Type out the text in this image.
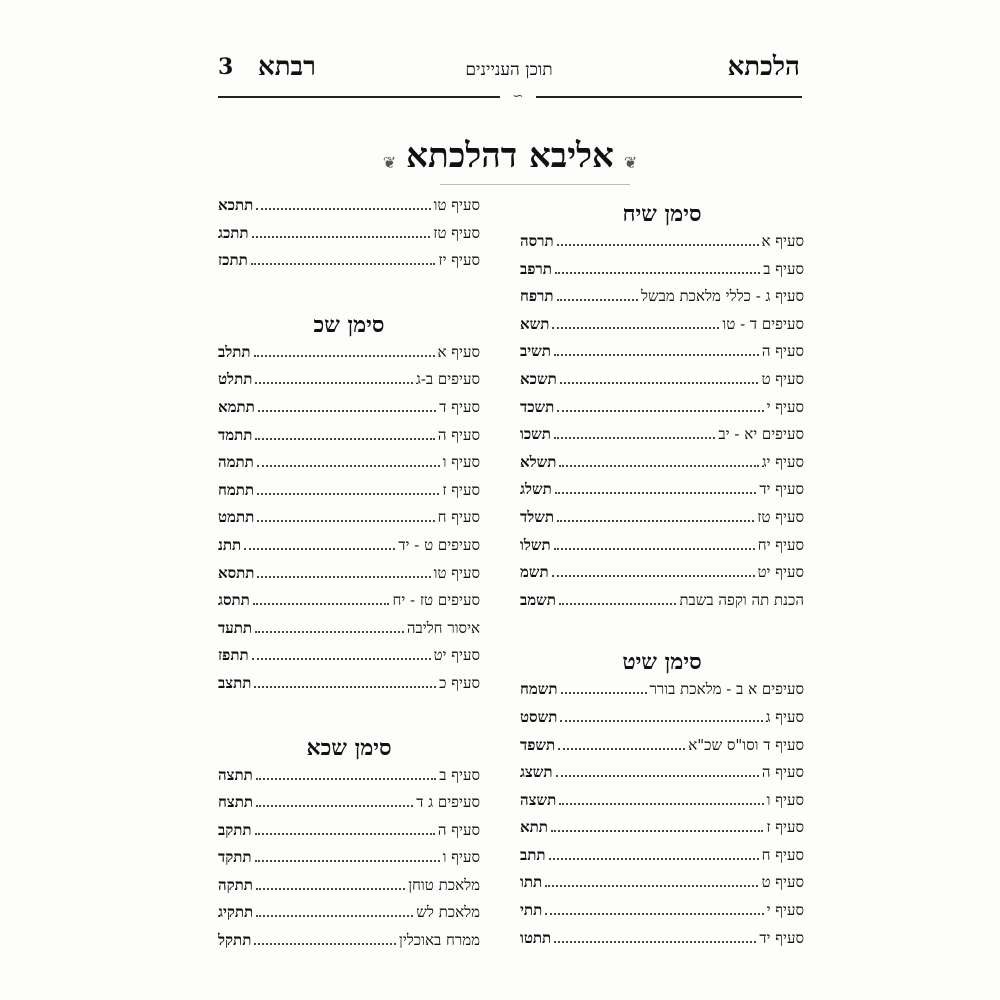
הלכתא
תוכן העניינים
רבתא
3
∽
❦אליבא דהלכתא❦
סימן שיח
סעיף א
תרסה
סעיף ב
תרפב
סעיף ג - כללי מלאכת מבשל
תרפח
סעיפים ד - טו
תשא
סעיף ה
תשיב
סעיף ט
תשכא
סעיף י
תשכד
סעיפים יא - יב
תשכו
סעיף יג
תשלא
סעיף יד
תשלג
סעיף טז
תשלד
סעיף יח
תשלו
סעיף יט
תשמ
הכנת תה וקפה בשבת
תשמב
סימן שיט
סעיפים א ב - מלאכת בורר
תשמח
סעיף ג
תשסט
סעיף ד וסו"ס שכ"א
תשפד
סעיף ה
תשצג
סעיף ו
תשצה
סעיף ז
תתא
סעיף ח
תתב
סעיף ט
תתו
סעיף י
תתי
סעיף יד
תתטו
סעיף טו
תתכא
סעיף טז
תתכג
סעיף יז
תתכז
סימן שכ
סעיף א
תתלב
סעיפים ב-ג
תתלט
סעיף ד
תתמא
סעיף ה
תתמד
סעיף ו
תתמה
סעיף ז
תתמח
סעיף ח
תתמט
סעיפים ט - יד
תתנ
סעיף טו
תתסא
סעיפים טז - יח
תתסג
איסור חליבה
תתעד
סעיף יט
תתפז
סעיף כ
תתצב
סימן שכא
סעיף ב
תתצה
סעיפים ג ד
תתצח
סעיף ה
תתקב
סעיף ו
תתקד
מלאכת טוחן
תתקה
מלאכת לש
תתקיג
ממרח באוכלין
תתקל
